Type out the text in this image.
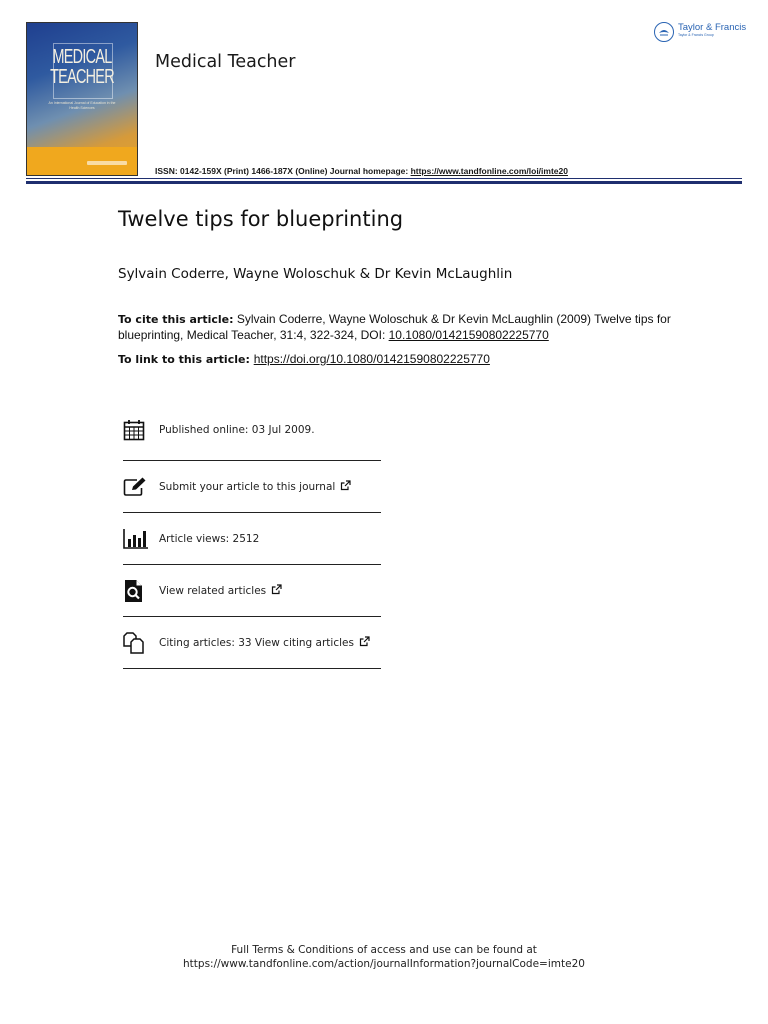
MEDICAL
TEACHER
An International Journal of Education in the Health Sciences
Medical Teacher
Taylor & Francis
Taylor & Francis Group
ISSN: 0142-159X (Print) 1466-187X (Online) Journal homepage: https://www.tandfonline.com/loi/imte20
Twelve tips for blueprinting
Sylvain Coderre, Wayne Woloschuk & Dr Kevin McLaughlin
To cite this article: Sylvain Coderre, Wayne Woloschuk & Dr Kevin McLaughlin (2009) Twelve tips for blueprinting, Medical Teacher, 31:4, 322-324, DOI: 10.1080/01421590802225770
To link to this article: https://doi.org/10.1080/01421590802225770
Published online: 03 Jul 2009.
Submit your article to this journal
Article views: 2512
View related articles
Citing articles: 33 View citing articles
Full Terms & Conditions of access and use can be found at
https://www.tandfonline.com/action/journalInformation?journalCode=imte20
